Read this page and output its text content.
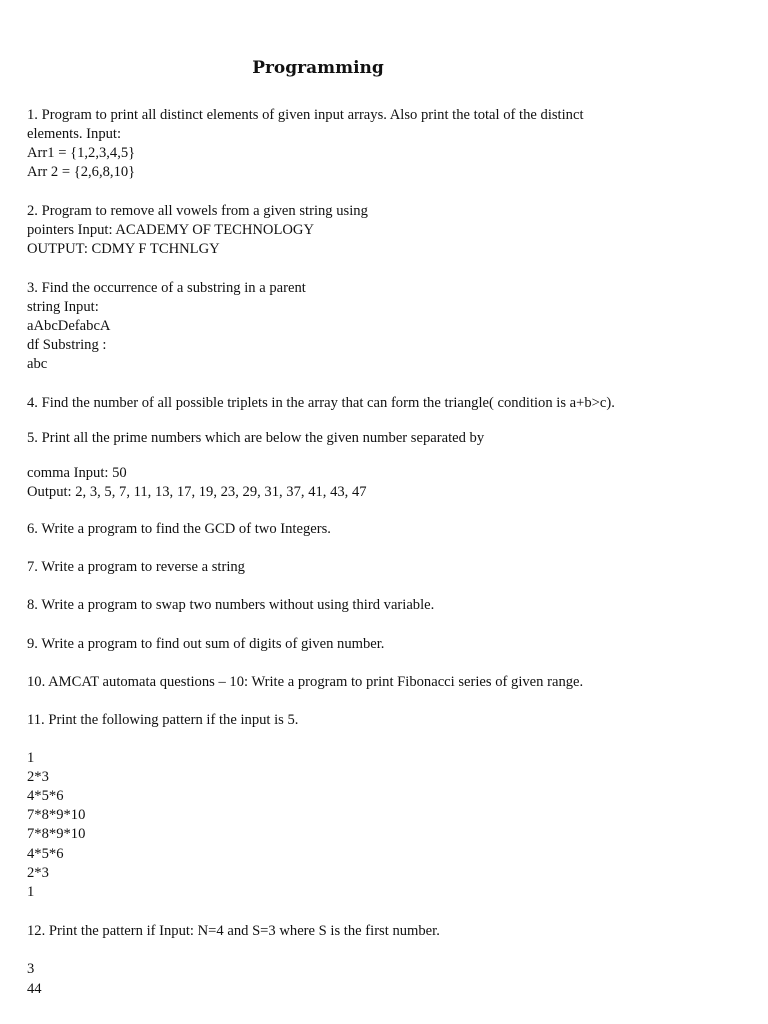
Programming

1. Program to print all distinct elements of given input arrays. Also print the total of the distinct

elements. Input:

Arr1 = {1,2,3,4,5}

Arr 2 = {2,6,8,10}

2. Program to remove all vowels from a given string using

pointers Input: ACADEMY OF TECHNOLOGY

OUTPUT: CDMY F TCHNLGY

3. Find the occurrence of a substring in a parent

string Input:

aAbcDefabcA

df Substring :

abc

4. Find the number of all possible triplets in the array that can form the triangle( condition is a+b>c).

5. Print all the prime numbers which are below the given number separated by

comma Input: 50

Output: 2, 3, 5, 7, 11, 13, 17, 19, 23, 29, 31, 37, 41, 43, 47

6. Write a program to find the GCD of two Integers.

7. Write a program to reverse a string

8. Write a program to swap two numbers without using third variable.

9. Write a program to find out sum of digits of given number.

10. AMCAT automata questions – 10: Write a program to print Fibonacci series of given range.

11. Print the following pattern if the input is 5.

1

2*3

4*5*6

7*8*9*10

7*8*9*10

4*5*6

2*3

1

12. Print the pattern if Input: N=4 and S=3 where S is the first number.

3

44
